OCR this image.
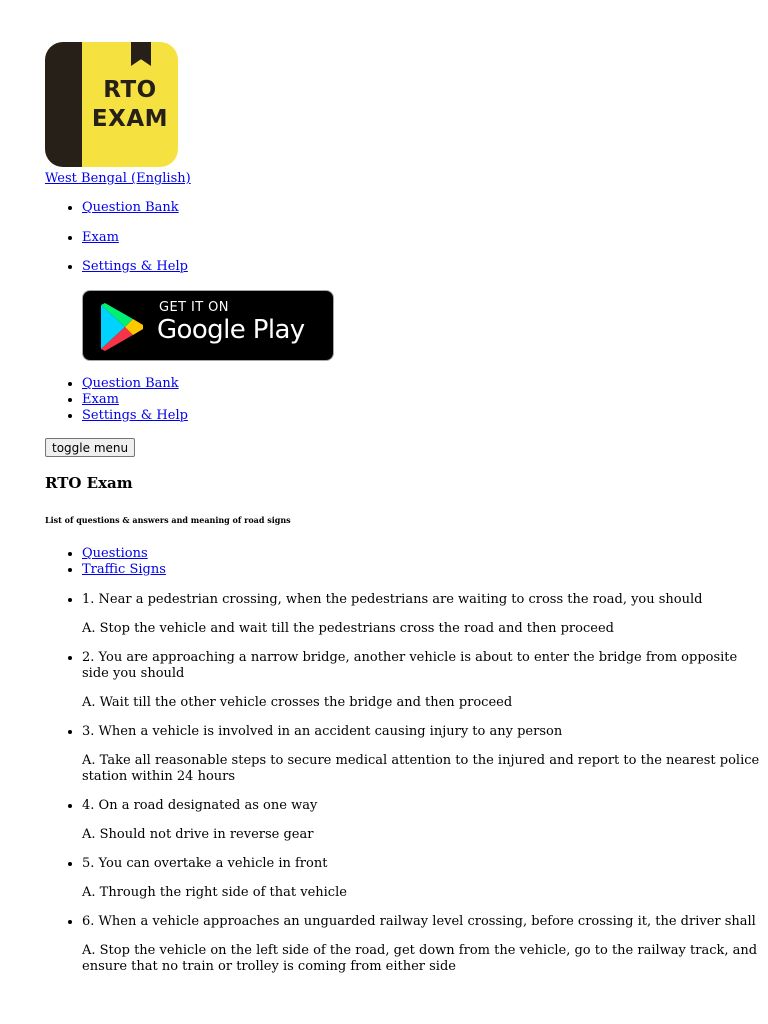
RTO
EXAM
West Bengal (English)
• Question Bank
• Exam
• Settings & Help
GET IT ON
Google Play
• Question Bank
• Exam
• Settings & Help
toggle menu
RTO Exam
List of questions & answers and meaning of road signs
• Questions
• Traffic Signs

• 1. Near a pedestrian crossing, when the pedestrians are waiting to cross the road, you should

A. Stop the vehicle and wait till the pedestrians cross the road and then proceed

• 2. You are approaching a narrow bridge, another vehicle is about to enter the bridge from opposite side you should

A. Wait till the other vehicle crosses the bridge and then proceed

• 3. When a vehicle is involved in an accident causing injury to any person

A. Take all reasonable steps to secure medical attention to the injured and report to the nearest police station within 24 hours

• 4. On a road designated as one way

A. Should not drive in reverse gear

• 5. You can overtake a vehicle in front

A. Through the right side of that vehicle

• 6. When a vehicle approaches an unguarded railway level crossing, before crossing it, the driver shall

A. Stop the vehicle on the left side of the road, get down from the vehicle, go to the railway track, and ensure that no train or trolley is coming from either side
